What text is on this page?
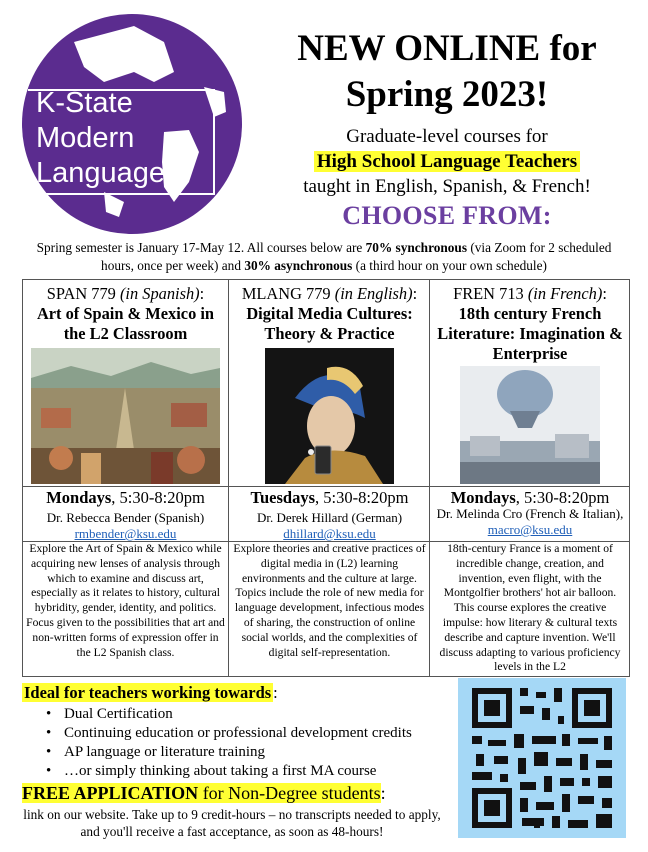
K-State
Modern
Languages
NEW ONLINE for
Spring 2023!
Graduate-level courses for
High School Language Teachers
taught in English, Spanish, & French!
CHOOSE FROM:
Spring semester is January 17-May 12. All courses below are 70% synchronous (via Zoom for 2 scheduled hours, once per week) and 30% asynchronous (a third hour on your own schedule)
SPAN 779 (in Spanish):
Art of Spain & Mexico in the L2 Classroom
Mondays, 5:30-8:20pm
Dr. Rebecca Bender (Spanish)
rmbender@ksu.edu
Explore the Art of Spain & Mexico while acquiring new lenses of analysis through which to examine and discuss art, especially as it relates to history, cultural hybridity, gender, identity, and politics. Focus given to the possibilities that art and non-written forms of expression offer in the L2 Spanish class.
MLANG 779 (in English):
Digital Media Cultures: Theory & Practice
Tuesdays, 5:30-8:20pm
Dr. Derek Hillard (German)
dhillard@ksu.edu
Explore theories and creative practices of digital media in (L2) learning environments and the culture at large. Topics include the role of new media for language development, infectious modes of sharing, the construction of online social worlds, and the complexities of digital self-representation.
FREN 713 (in French):
18th century French Literature: Imagination & Enterprise
Mondays, 5:30-8:20pm
Dr. Melinda Cro (French & Italian), macro@ksu.edu
18th-century France is a moment of incredible change, creation, and invention, even flight, with the Montgolfier brothers' hot air balloon. This course explores the creative impulse: how literary & cultural texts describe and capture invention. We'll discuss adapting to various proficiency levels in the L2
Ideal for teachers working towards :
• Dual Certification
• Continuing education or professional development credits
• AP language or literature training
• …or simply thinking about taking a first MA course
FREE APPLICATION for Non-Degree students:
link on our website. Take up to 9 credit-hours – no transcripts needed to apply, and you'll receive a fast acceptance, as soon as 48-hours!
